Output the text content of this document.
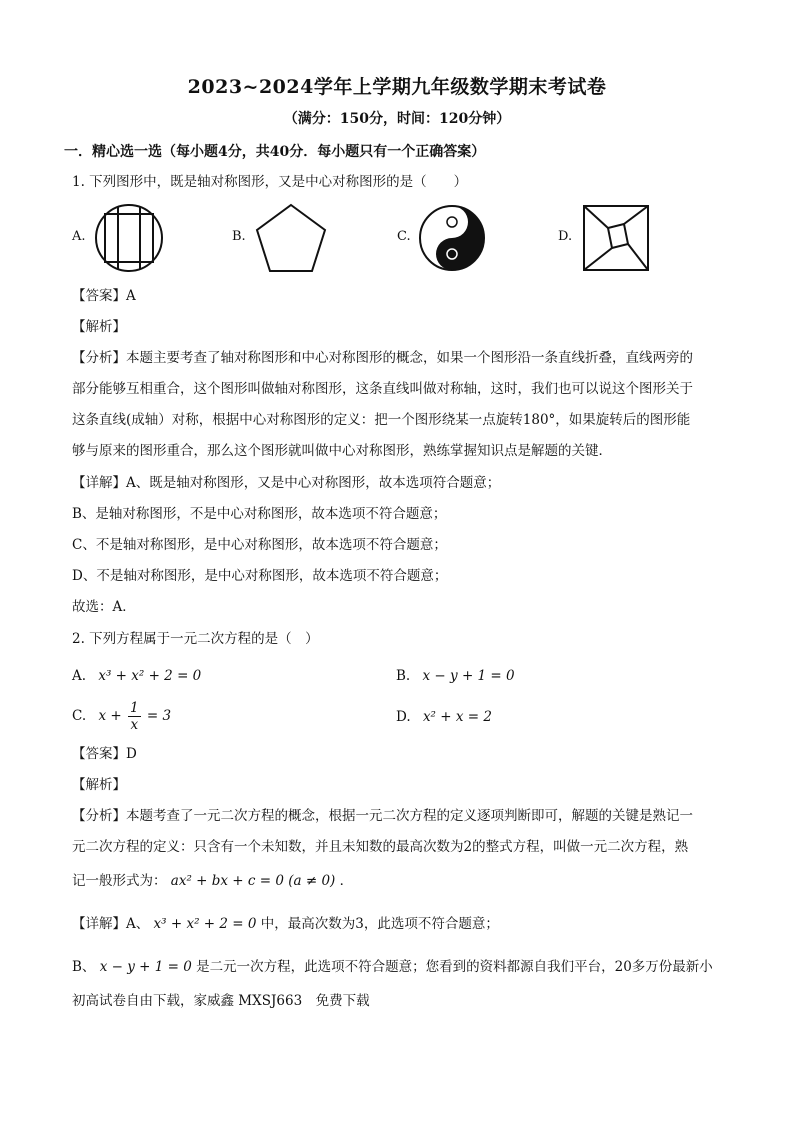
2023~2024学年上学期九年级数学期末考试卷
（满分：150分，时间：120分钟）
一．精心选一选（每小题4分，共40分．每小题只有一个正确答案）
1. 下列图形中，既是轴对称图形，又是中心对称图形的是（　　）
A.	B.	C.	D.
【答案】A
【解析】
【分析】本题主要考查了轴对称图形和中心对称图形的概念，如果一个图形沿一条直线折叠，直线两旁的
部分能够互相重合，这个图形叫做轴对称图形，这条直线叫做对称轴，这时，我们也可以说这个图形关于
这条直线(成轴）对称，根据中心对称图形的定义：把一个图形绕某一点旋转180°，如果旋转后的图形能
够与原来的图形重合，那么这个图形就叫做中心对称图形，熟练掌握知识点是解题的关键．
【详解】A、既是轴对称图形，又是中心对称图形，故本选项符合题意；
B、是轴对称图形，不是中心对称图形，故本选项不符合题意；
C、不是轴对称图形，是中心对称图形，故本选项不符合题意；
D、不是轴对称图形，是中心对称图形，故本选项不符合题意；
故选：A．
2. 下列方程属于一元二次方程的是（　）
A. x³ + x² + 2 = 0	B. x − y + 1 = 0
C. $x + \frac{1}{x} = 3$	D. x² + x = 2
【答案】D
【解析】
【分析】本题考查了一元二次方程的概念，根据一元二次方程的定义逐项判断即可，解题的关键是熟记一
元二次方程的定义：只含有一个未知数，并且未知数的最高次数为2的整式方程，叫做一元二次方程，熟
记一般形式为： ax² + bx + c = 0 (a ≠ 0) ．
【详解】A、 x³ + x² + 2 = 0 中，最高次数为3，此选项不符合题意；
B、 x − y + 1 = 0 是二元一次方程，此选项不符合题意；您看到的资料都源自我们平台，20多万份最新小
初高试卷自由下载，家威鑫 MXSJ663　免费下载
